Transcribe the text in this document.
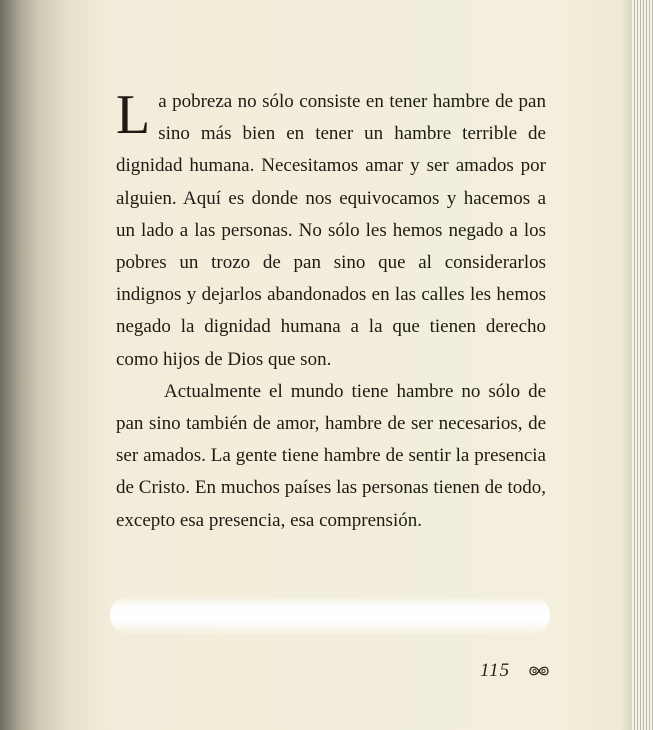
La pobreza no sólo consiste en tener hambre de pan sino más bien en tener un hambre terrible de dignidad humana. Necesitamos amar y ser amados por alguien. Aquí es donde nos equivocamos y hacemos a un lado a las personas. No sólo les hemos negado a los pobres un trozo de pan sino que al considerarlos indignos y dejarlos abandonados en las calles les hemos negado la dignidad humana a la que tienen derecho como hijos de Dios que son.

Actualmente el mundo tiene hambre no sólo de pan sino también de amor, hambre de ser necesarios, de ser amados. La gente tiene hambre de sentir la presencia de Cristo. En muchos países las personas tienen de todo, excepto esa presencia, esa comprensión.

115
